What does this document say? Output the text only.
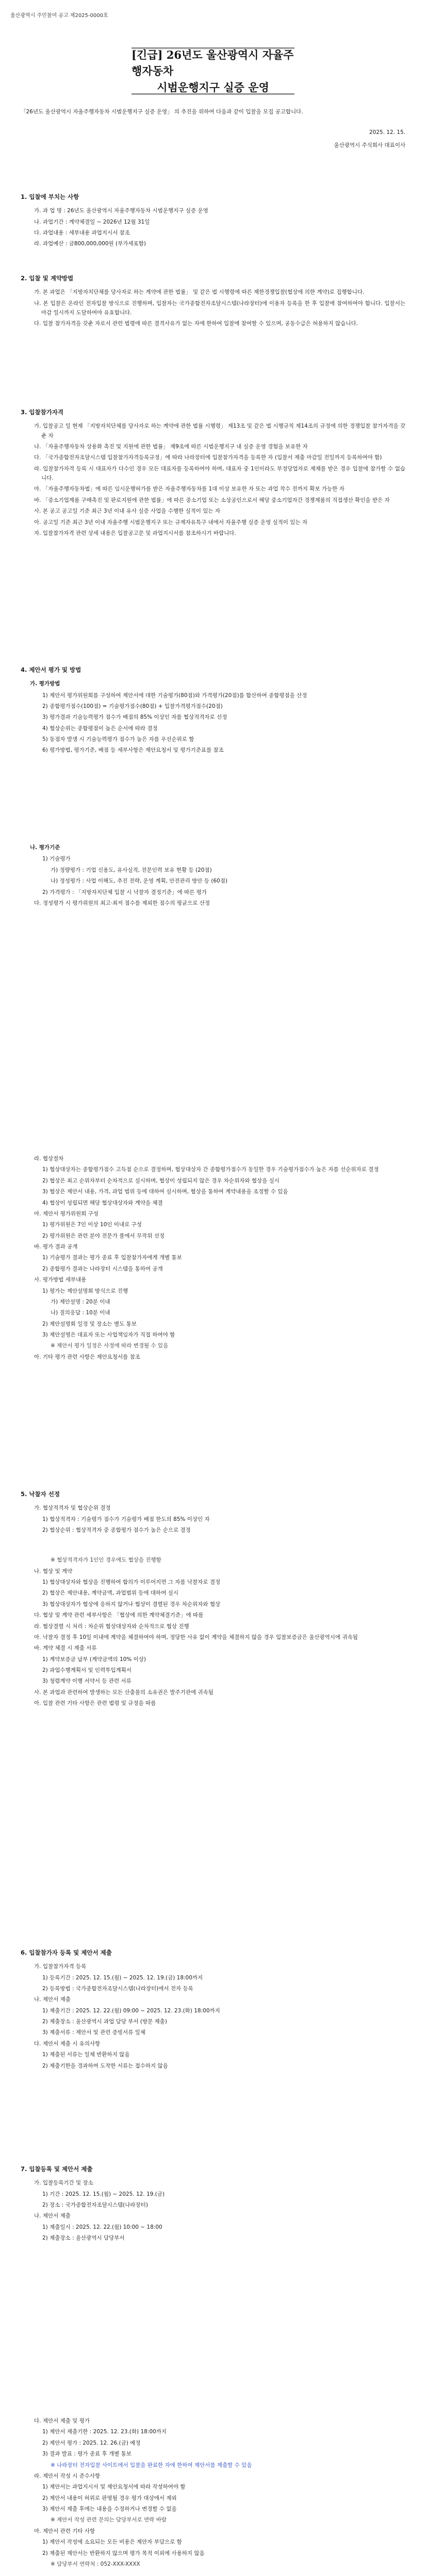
울산광역시 주민참여 공고 제2025-0000호
[긴급] 26년도 울산광역시 자율주행자동차
시범운행지구 실증 운영

「26년도 울산광역시 자율주행자동차 시범운행지구 실증 운영」 의 추진을 위하여 다음과 같이 입찰을 모집 공고합니다.

2025. 12. 15.

울산광역시 주식회사 대표이사

1. 입찰에 부치는 사항
가. 과 업 명 : 26년도 울산광역시 자율주행자동차 시범운행지구 실증 운영
나. 과업기간 : 계약체결일 ~ 2026년 12월 31일
다. 과업내용 : 세부내용 과업지시서 참조
라. 과업예산 : 금800,000,000원 (부가세포함)
2. 입찰 및 계약방법
가. 본 과업은 「지방자치단체를 당사자로 하는 계약에 관한 법률」 및 같은 법 시행령에 따른 제한경쟁입찰(협상에 의한 계약)로 집행합니다.
나. 본 입찰은 온라인 전자입찰 방식으로 진행하며, 입찰자는 국가종합전자조달시스템(나라장터)에 이용자 등록을 한 후 입찰에 참여하여야 합니다. 입찰서는 마감 일시까지 도달하여야 유효합니다.
다. 입찰 참가자격을 갖춘 자로서 관련 법령에 따른 결격사유가 없는 자에 한하여 입찰에 참여할 수 있으며, 공동수급은 허용하지 않습니다.
3. 입찰참가자격
가. 입찰공고 일 현재 「지방자치단체를 당사자로 하는 계약에 관한 법률 시행령」 제13조 및 같은 법 시행규칙 제14조의 규정에 의한 경쟁입찰 참가자격을 갖춘 자
나. 「자율주행자동차 상용화 촉진 및 지원에 관한 법률」 제9조에 따른 시범운행지구 내 실증 운영 경험을 보유한 자
다. 「국가종합전자조달시스템 입찰참가자격등록규정」에 따라 나라장터에 입찰참가자격을 등록한 자 (입찰서 제출 마감일 전일까지 등록하여야 함)
라. 입찰참가자격 등록 시 대표자가 다수인 경우 모든 대표자를 등록하여야 하며, 대표자 중 1인이라도 부정당업자로 제재를 받은 경우 입찰에 참가할 수 없습니다.
마. 「자율주행자동차법」에 따른 임시운행허가를 받은 자율주행자동차를 1대 이상 보유한 자 또는 과업 착수 전까지 확보 가능한 자
바. 「중소기업제품 구매촉진 및 판로지원에 관한 법률」에 따른 중소기업 또는 소상공인으로서 해당 중소기업자간 경쟁제품의 직접생산 확인을 받은 자
사. 본 공고 공고일 기준 최근 3년 이내 유사 실증 사업을 수행한 실적이 있는 자
아. 공고일 기준 최근 3년 이내 자율주행 시범운행지구 또는 규제자유특구 내에서 자율주행 실증 운영 실적이 있는 자
자. 입찰참가자격 관련 상세 내용은 입찰공고문 및 과업지시서를 참조하시기 바랍니다.
4. 제안서 평가 및 방법
가. 평가방법
1) 제안서 평가위원회를 구성하여 제안서에 대한 기술평가(80점)와 가격평가(20점)를 합산하여 종합평점을 산정
2) 종합평가점수(100점) = 기술평가점수(80점) + 입찰가격평가점수(20점)
3) 평가결과 기술능력평가 점수가 배점의 85% 이상인 자를 협상적격자로 선정
4) 협상순위는 종합평점이 높은 순서에 따라 결정
5) 동점자 발생 시 기술능력평가 점수가 높은 자를 우선순위로 함
6) 평가방법, 평가기준, 배점 등 세부사항은 제안요청서 및 평가기준표를 참조
나. 평가기준
1) 기술평가
가) 정량평가 : 기업 신용도, 유사실적, 전문인력 보유 현황 등 (20점)
나) 정성평가 : 사업 이해도, 추진 전략, 운영 계획, 안전관리 방안 등 (60점)
2) 가격평가 : 「지방자치단체 입찰 시 낙찰자 결정기준」에 따른 평가
다. 정성평가 시 평가위원의 최고·최저 점수를 제외한 점수의 평균으로 산정
라. 협상절차
1) 협상대상자는 종합평가점수 고득점 순으로 결정하며, 협상대상자 간 종합평가점수가 동일한 경우 기술평가점수가 높은 자를 선순위자로 결정
2) 협상은 최고 순위자부터 순차적으로 실시하며, 협상이 성립되지 않은 경우 차순위자와 협상을 실시
3) 협상은 제안서 내용, 가격, 과업 범위 등에 대하여 실시하며, 협상을 통하여 계약내용을 조정할 수 있음
4) 협상이 성립되면 해당 협상대상자와 계약을 체결
마. 제안서 평가위원회 구성
1) 평가위원은 7인 이상 10인 이내로 구성
2) 평가위원은 관련 분야 전문가 풀에서 무작위 선정
바. 평가 결과 공개
1) 기술평가 결과는 평가 종료 후 입찰참가자에게 개별 통보
2) 종합평가 결과는 나라장터 시스템을 통하여 공개
사. 평가방법 세부내용
1) 평가는 제안설명회 방식으로 진행
가) 제안설명 : 20분 이내
나) 질의응답 : 10분 이내
2) 제안설명회 일정 및 장소는 별도 통보
3) 제안설명은 대표자 또는 사업책임자가 직접 하여야 함
※ 제안서 평가 일정은 사정에 따라 변경될 수 있음
아. 기타 평가 관련 사항은 제안요청서를 참조
5. 낙찰자 선정
가. 협상적격자 및 협상순위 결정
1) 협상적격자 : 기술평가 점수가 기술평가 배점 한도의 85% 이상인 자
2) 협상순위 : 협상적격자 중 종합평가 점수가 높은 순으로 결정
※ 협상적격자가 1인인 경우에도 협상을 진행함
나. 협상 및 계약
1) 협상대상자와 협상을 진행하여 합의가 이루어지면 그 자를 낙찰자로 결정
2) 협상은 제안내용, 계약금액, 과업범위 등에 대하여 실시
3) 협상대상자가 협상에 응하지 않거나 협상이 결렬된 경우 차순위자와 협상
다. 협상 및 계약 관련 세부사항은 「협상에 의한 계약체결기준」에 따름
라. 협상결렬 시 처리 : 차순위 협상대상자와 순차적으로 협상 진행
마. 낙찰자 결정 후 10일 이내에 계약을 체결하여야 하며, 정당한 사유 없이 계약을 체결하지 않을 경우 입찰보증금은 울산광역시에 귀속됨
바. 계약 체결 시 제출 서류
1) 계약보증금 납부 (계약금액의 10% 이상)
2) 과업수행계획서 및 인력투입계획서
3) 청렴계약 이행 서약서 등 관련 서류
사. 본 과업과 관련하여 발생하는 모든 산출물의 소유권은 발주기관에 귀속됨
아. 입찰 관련 기타 사항은 관련 법령 및 규정을 따름
6. 입찰참가자 등록 및 제안서 제출
가. 입찰참가자격 등록
1) 등록기간 : 2025. 12. 15.(월) ~ 2025. 12. 19.(금) 18:00까지
2) 등록방법 : 국가종합전자조달시스템(나라장터)에서 전자 등록
나. 제안서 제출
1) 제출기간 : 2025. 12. 22.(월) 09:00 ~ 2025. 12. 23.(화) 18:00까지
2) 제출장소 : 울산광역시 과업 담당 부서 (방문 제출)
3) 제출서류 : 제안서 및 관련 증빙서류 일체
다. 제안서 제출 시 유의사항
1) 제출된 서류는 일체 반환하지 않음
2) 제출기한을 경과하여 도착한 서류는 접수하지 않음
7. 입찰등록 및 제안서 제출
가. 입찰등록기간 및 장소
1) 기간 : 2025. 12. 15.(월) ~ 2025. 12. 19.(금)
2) 장소 : 국가종합전자조달시스템(나라장터)
나. 제안서 제출
1) 제출일시 : 2025. 12. 22.(월) 10:00 ~ 18:00
2) 제출장소 : 울산광역시 담당부서
다. 제안서 제출 및 평가
1) 제안서 제출기한 : 2025. 12. 23.(화) 18:00까지
2) 제안서 평가 : 2025. 12. 26.(금) 예정
3) 결과 발표 : 평가 종료 후 개별 통보
※ 나라장터 전자입찰 사이트에서 입찰을 완료한 자에 한하여 제안서를 제출할 수 있음
라. 제안서 작성 시 준수사항
1) 제안서는 과업지시서 및 제안요청서에 따라 작성하여야 함
2) 제안서 내용이 허위로 판명될 경우 평가 대상에서 제외
3) 제안서 제출 후에는 내용을 수정하거나 변경할 수 없음
※ 제안서 작성 관련 문의는 담당부서로 연락 바람
마. 제안서 관련 기타 사항
1) 제안서 작성에 소요되는 모든 비용은 제안자 부담으로 함
2) 제출된 제안서는 반환하지 않으며 평가 목적 이외에 사용하지 않음
※ 담당부서 연락처 : 052-XXX-XXXX
